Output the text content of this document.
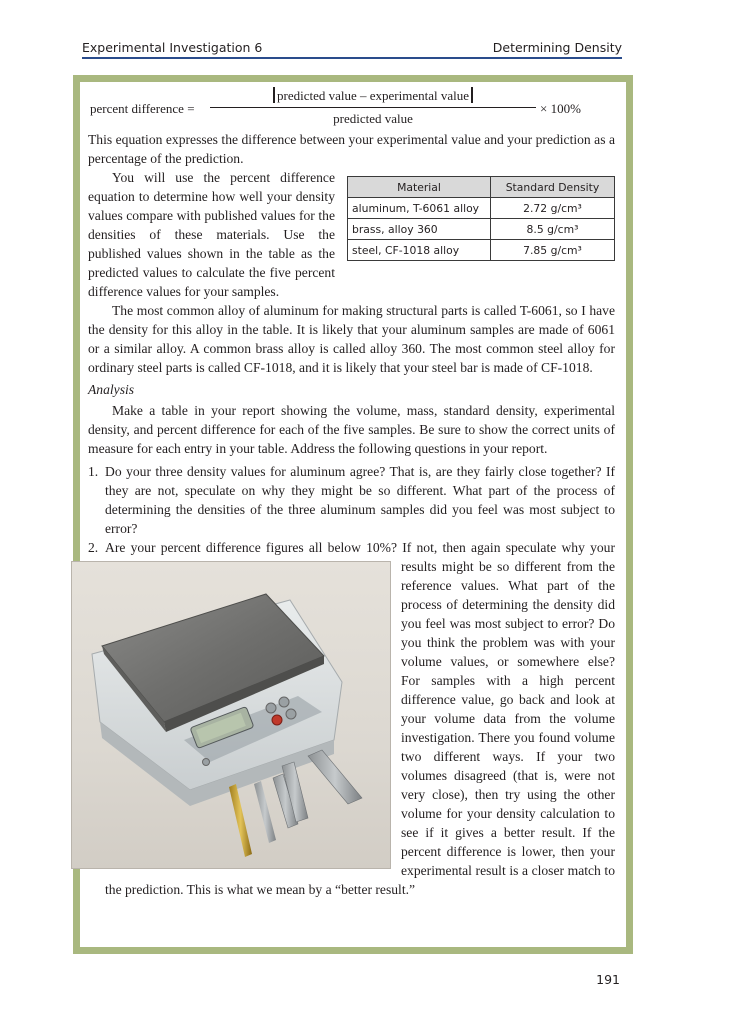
Experimental Investigation 6	Determining Density
percent difference =
predicted value – experimental value
predicted value
× 100%

This equation expresses the difference between your experimental value and your prediction as a percentage of the prediction.

Material	Standard Density
aluminum, T-6061 alloy	2.72 g/cm³
brass, alloy 360	8.5 g/cm³
steel, CF-1018 alloy	7.85 g/cm³

You will use the percent difference equation to determine how well your density values compare with published values for the densities of these materials. Use the published values shown in the table as the predicted values to calculate the five percent difference values for your samples.

The most common alloy of aluminum for making structural parts is called T-6061, so I have the density for this alloy in the table. It is likely that your aluminum samples are made of 6061 or a similar alloy. A common brass alloy is called alloy 360. The most common steel alloy for ordinary steel parts is called CF-1018, and it is likely that your steel bar is made of CF-1018.

Analysis

Make a table in your report showing the volume, mass, standard density, experimental density, and percent difference for each of the five samples. Be sure to show the correct units of measure for each entry in your table. Address the following questions in your report.

1. Do your three density values for aluminum agree? That is, are they fairly close together? If they are not, speculate on why they might be so different. What part of the process of determining the densities of the three aluminum samples did you feel was most subject to error?
2. Are your percent difference figures all below 10%? If not, then again speculate why your results might be so different from the reference values. What part of the process of determining the density did you feel was most subject to error? Do you think the problem was with your volume values, or somewhere else? For samples with a high percent difference value, go back and look at your volume data from the volume investigation. There you found volume two different ways. If your two volumes disagreed (that is, were not very close), then try using the other volume for your density calculation to see if it gives a better result. If the percent difference is lower, then your experimental result is a closer match to the prediction. This is what we mean by a “better result.”
191
